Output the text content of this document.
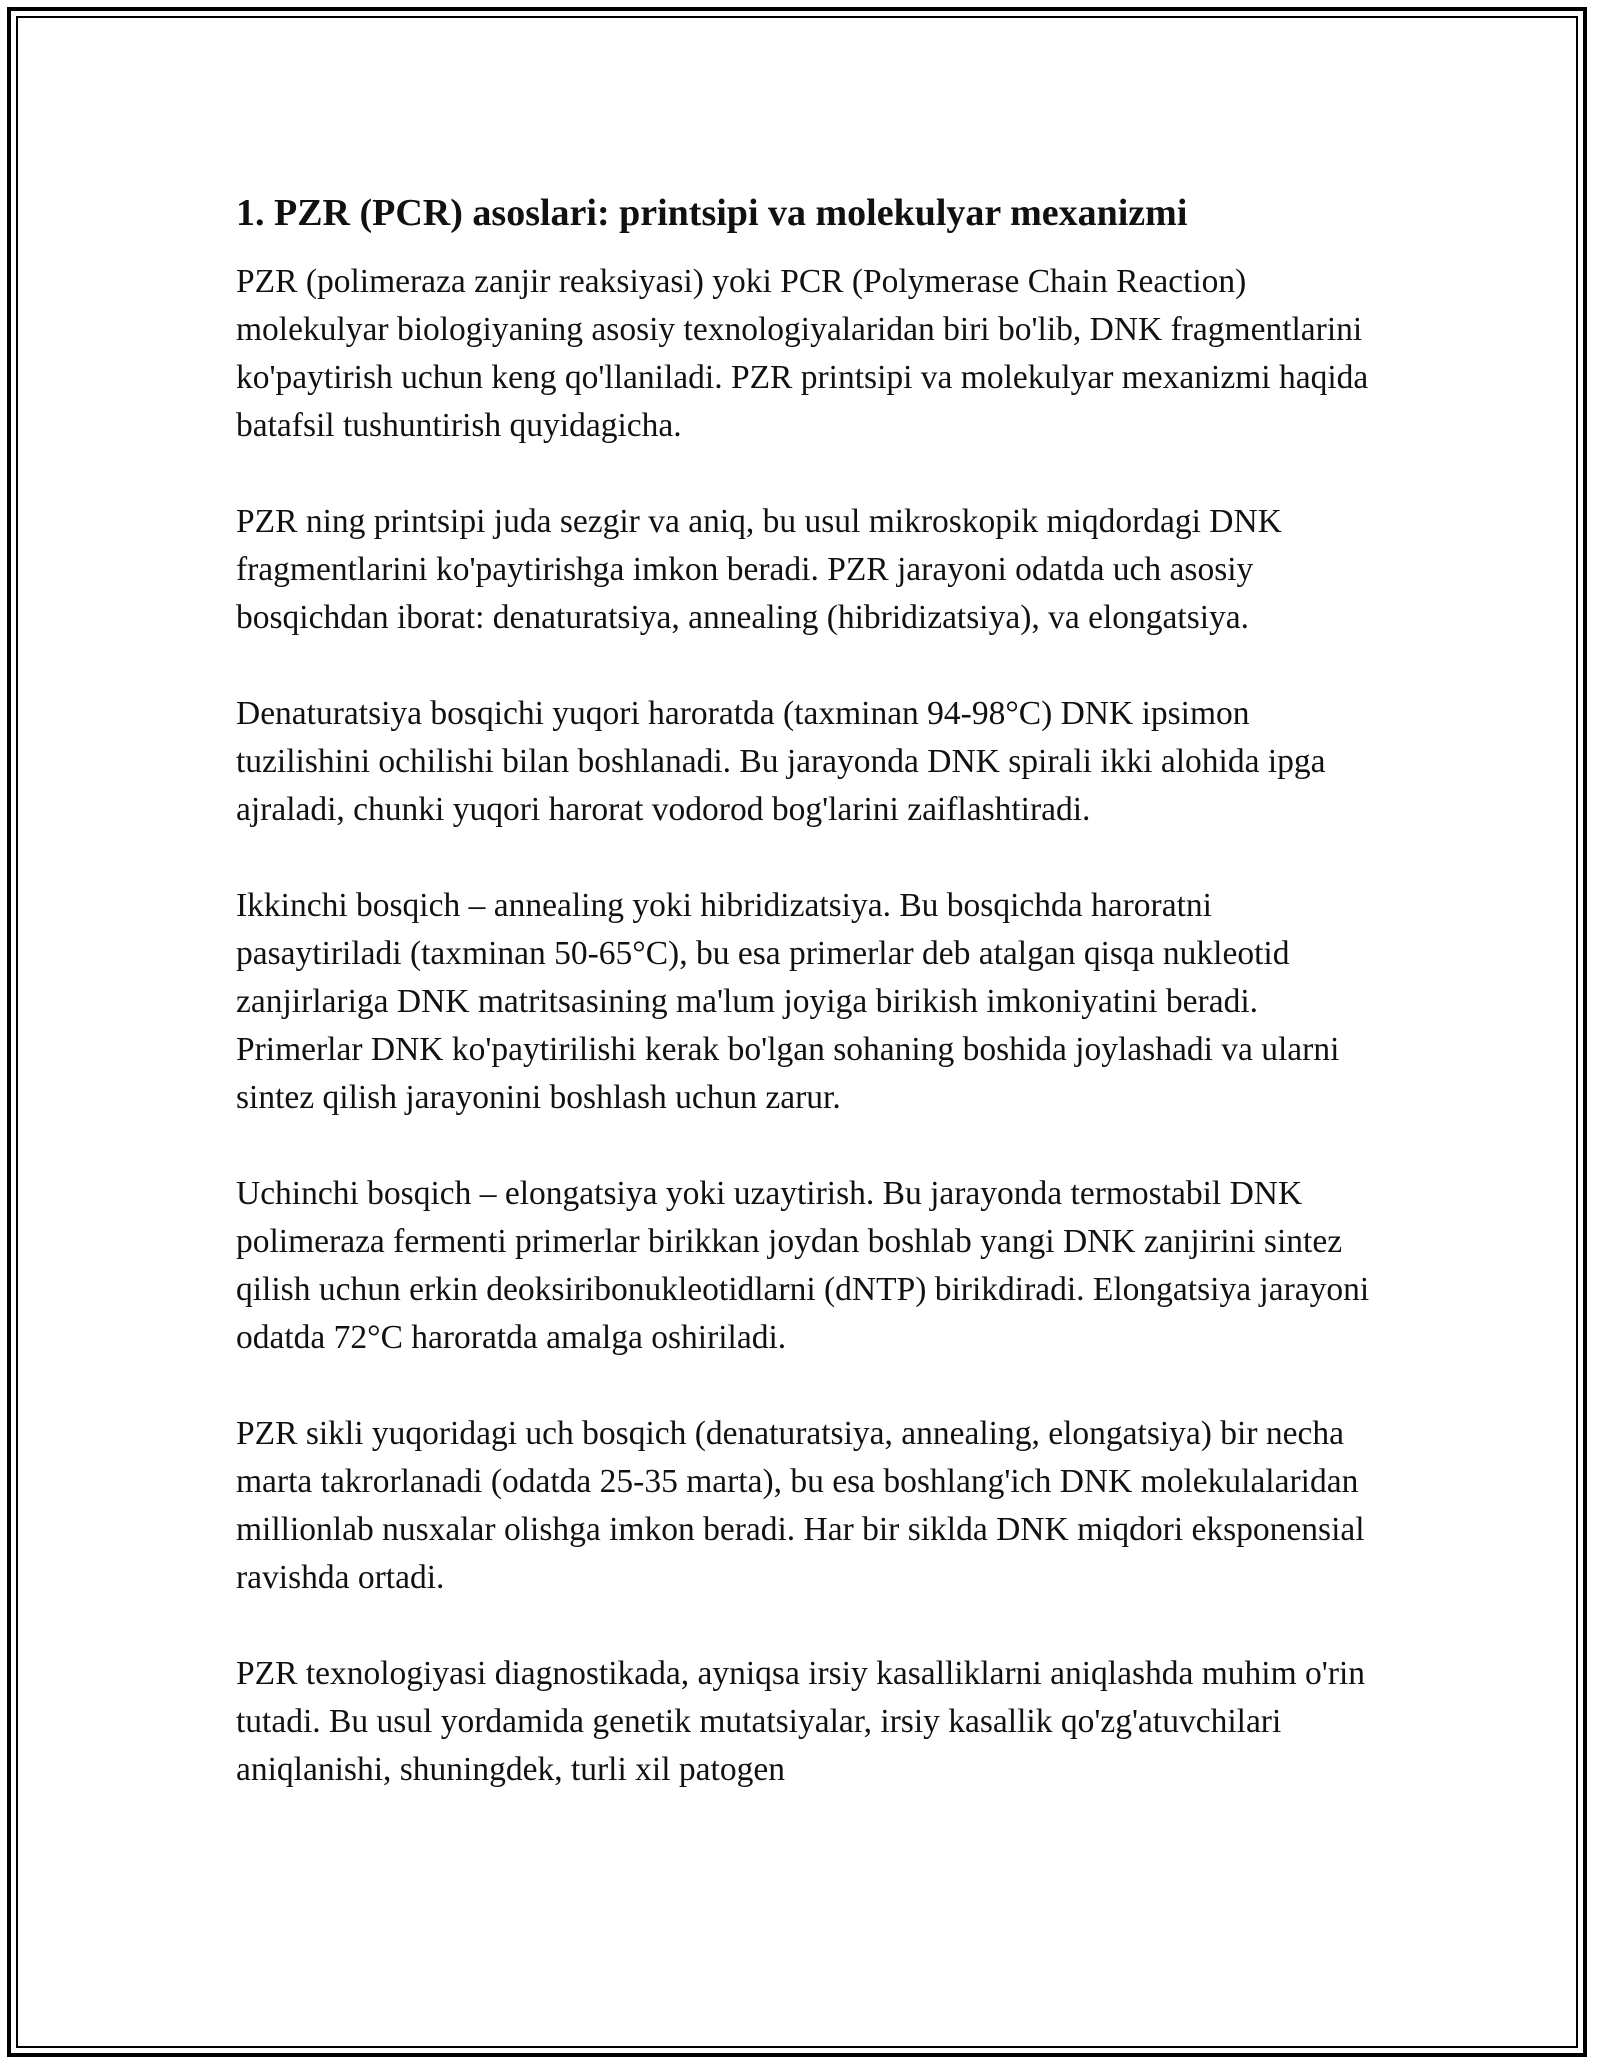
1. PZR (PCR) asoslari: printsipi va molekulyar mexanizmi

PZR (polimeraza zanjir reaksiyasi) yoki PCR (Polymerase Chain Reaction) molekulyar biologiyaning asosiy texnologiyalaridan biri bo'lib, DNK fragmentlarini ko'paytirish uchun keng qo'llaniladi. PZR printsipi va molekulyar mexanizmi haqida batafsil tushuntirish quyidagicha.

PZR ning printsipi juda sezgir va aniq, bu usul mikroskopik miqdordagi DNK fragmentlarini ko'paytirishga imkon beradi. PZR jarayoni odatda uch asosiy bosqichdan iborat: denaturatsiya, annealing (hibridizatsiya), va elongatsiya.

Denaturatsiya bosqichi yuqori haroratda (taxminan 94-98°C) DNK ipsimon tuzilishini ochilishi bilan boshlanadi. Bu jarayonda DNK spirali ikki alohida ipga ajraladi, chunki yuqori harorat vodorod bog'larini zaiflashtiradi.

Ikkinchi bosqich – annealing yoki hibridizatsiya. Bu bosqichda haroratni pasaytiriladi (taxminan 50-65°C), bu esa primerlar deb atalgan qisqa nukleotid zanjirlariga DNK matritsasining ma'lum joyiga birikish imkoniyatini beradi. Primerlar DNK ko'paytirilishi kerak bo'lgan sohaning boshida joylashadi va ularni sintez qilish jarayonini boshlash uchun zarur.

Uchinchi bosqich – elongatsiya yoki uzaytirish. Bu jarayonda termostabil DNK polimeraza fermenti primerlar birikkan joydan boshlab yangi DNK zanjirini sintez qilish uchun erkin deoksiribonukleotidlarni (dNTP) birikdiradi. Elongatsiya jarayoni odatda 72°C haroratda amalga oshiriladi.

PZR sikli yuqoridagi uch bosqich (denaturatsiya, annealing, elongatsiya) bir necha marta takrorlanadi (odatda 25-35 marta), bu esa boshlang'ich DNK molekulalaridan millionlab nusxalar olishga imkon beradi. Har bir siklda DNK miqdori eksponensial ravishda ortadi.

PZR texnologiyasi diagnostikada, ayniqsa irsiy kasalliklarni aniqlashda muhim o'rin tutadi. Bu usul yordamida genetik mutatsiyalar, irsiy kasallik qo'zg'atuvchilari aniqlanishi, shuningdek, turli xil patogen
